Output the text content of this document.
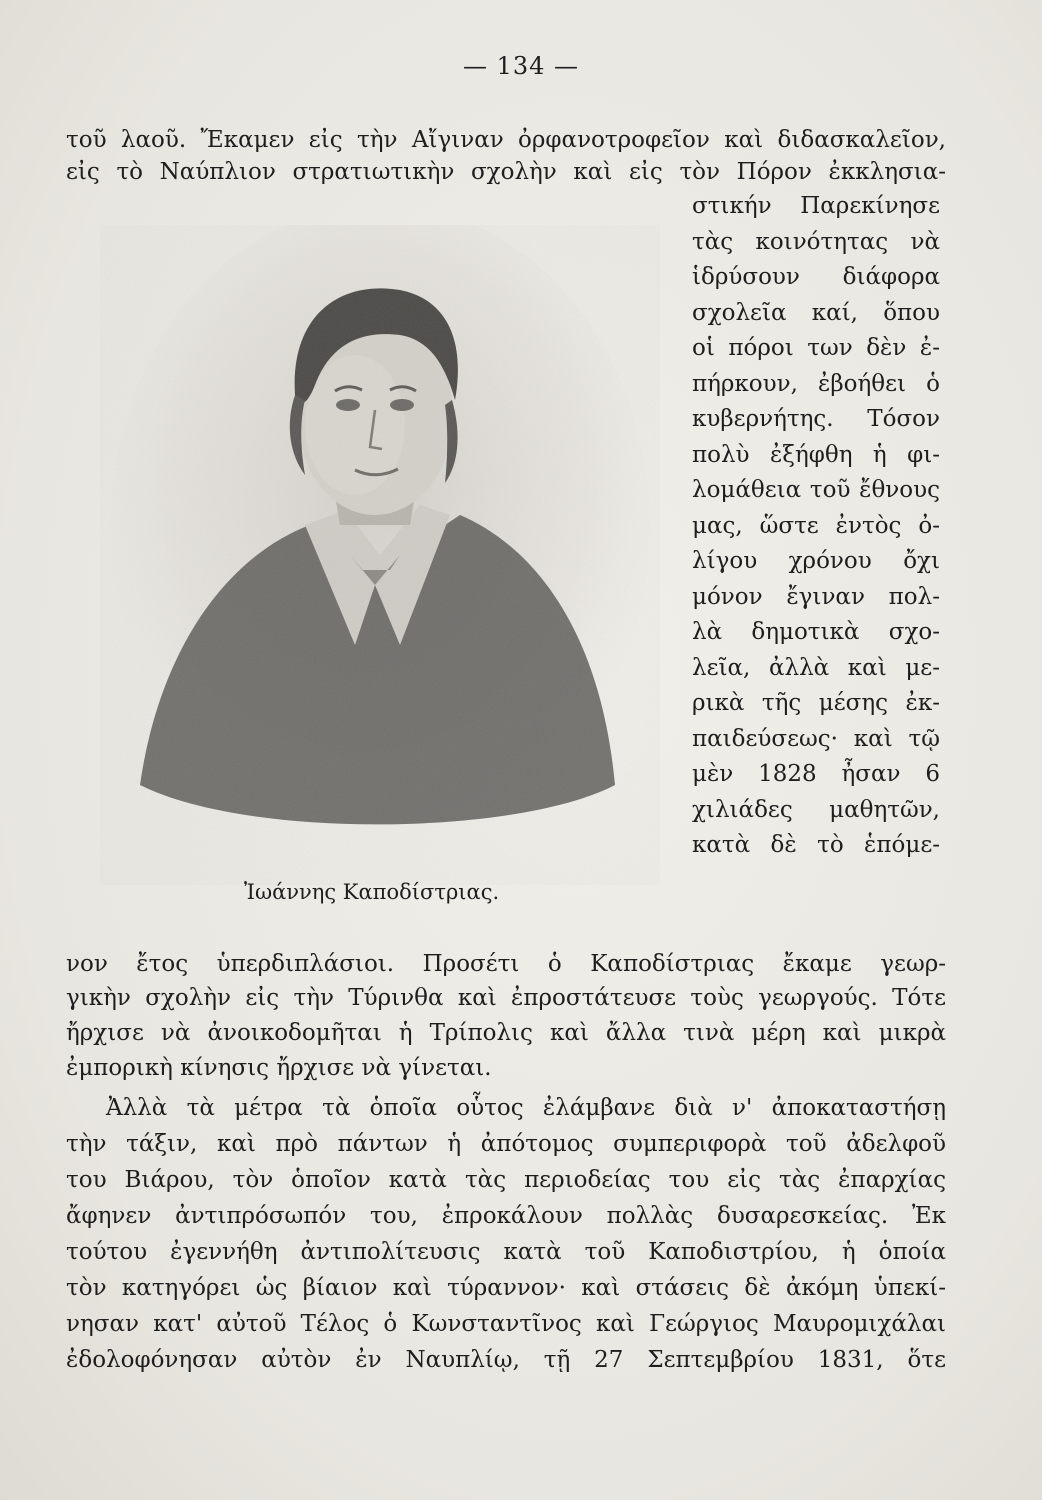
— 134 —
τοῦ λαοῦ. Ἔκαμεν εἰς τὴν Αἴγιναν ὀρφανοτροφεῖον καὶ διδασκαλεῖον,
εἰς τὸ Ναύπλιον στρατιωτικὴν σχολὴν καὶ εἰς τὸν Πόρον ἐκκλησια-
στικήν Παρεκίνησε
τὰς κοινότητας νὰ
ἱδρύσουν διάφορα
σχολεῖα καί, ὅπου
οἱ πόροι των δὲν ἐ-
πήρκουν, ἐβοήθει ὁ
κυβερνήτης. Τόσον
πολὺ ἐξήφθη ἡ φι-
λομάθεια τοῦ ἔθνους
μας, ὥστε ἐντὸς ὀ-
λίγου χρόνου ὄχι
μόνον ἔγιναν πολ-
λὰ δημοτικὰ σχο-
λεῖα, ἀλλὰ καὶ με-
ρικὰ τῆς μέσης ἐκ-
παιδεύσεως· καὶ τῷ
μὲν 1828 ἦσαν 6
χιλιάδες μαθητῶν,
κατὰ δὲ τὸ ἑπόμε-
Ἰωάννης Καποδίστριας.
νον ἔτος ὑπερδιπλάσιοι. Προσέτι ὁ Καποδίστριας ἔκαμε γεωρ-
γικὴν σχολὴν εἰς τὴν Τύρινθα καὶ ἐπροστάτευσε τοὺς γεωργούς. Τότε
ἤρχισε νὰ ἀνοικοδομῆται ἡ Τρίπολις καὶ ἄλλα τινὰ μέρη καὶ μικρὰ
ἐμπορικὴ κίνησις ἤρχισε νὰ γίνεται.
Ἀλλὰ τὰ μέτρα τὰ ὁποῖα οὗτος ἐλάμβανε διὰ ν' ἀποκαταστήσῃ
τὴν τάξιν, καὶ πρὸ πάντων ἡ ἀπότομος συμπεριφορὰ τοῦ ἀδελφοῦ
του Βιάρου, τὸν ὁποῖον κατὰ τὰς περιοδείας του εἰς τὰς ἐπαρχίας
ἄφηνεν ἀντιπρόσωπόν του, ἐπροκάλουν πολλὰς δυσαρεσκείας. Ἐκ
τούτου ἐγεννήθη ἀντιπολίτευσις κατὰ τοῦ Καποδιστρίου, ἡ ὁποία
τὸν κατηγόρει ὡς βίαιον καὶ τύραννον· καὶ στάσεις δὲ ἀκόμη ὑπεκί-
νησαν κατ' αὐτοῦ Τέλος ὁ Κωνσταντῖνος καὶ Γεώργιος Μαυρομιχάλαι
ἐδολοφόνησαν αὐτὸν ἐν Ναυπλίῳ, τῇ 27 Σεπτεμβρίου 1831, ὅτε
